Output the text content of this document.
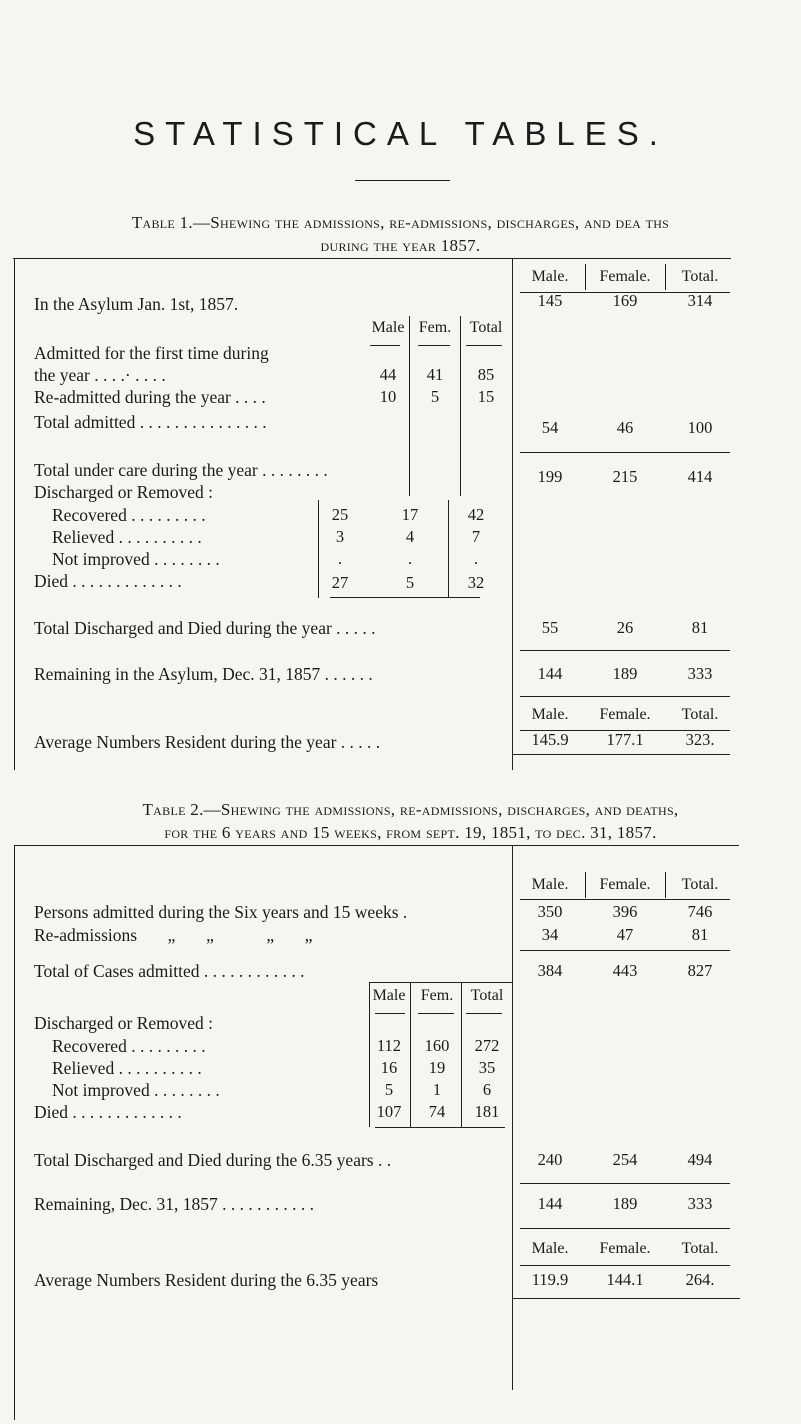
STATISTICAL TABLES.
Table 1.—Shewing the admissions, re-admissions, discharges, and dea ths
during the year 1857.
Male.	Female.	Total.
In the Asylum Jan. 1st, 1857.	145	169	314
Male Fem.	Total
Admitted for the first time during
the year . . . .· . . . .	44	41	85
Re-admitted during the year . . . .	10	5	15
Total admitted . . . . . . . . . . . . . . .	54	46	100
Total under care during the year . . . . . . . .	199	215	414
Discharged or Removed :
Recovered . . . . . . . . .	25	17	42
Relieved . . . . . . . . . .	3	4	7
Not improved . . . . . . . .	.	.	.
Died . . . . . . . . . . . . .	27	5	32
Total Discharged and Died during the year . . . . .	55	26	81
Remaining in the Asylum, Dec. 31, 1857 . . . . . .	144	189	333
Male.	Female.	Total.
Average Numbers Resident during the year . . . . .	145.9	177.1	323.
Table 2.—Shewing the admissions, re-admissions, discharges, and deaths,
for the 6 years and 15 weeks, from sept. 19, 1851, to dec. 31, 1857.
Male.	Female.	Total.
Persons admitted during the Six years and 15 weeks .	350	396	746
Re-admissions       „       „            „       „	34	47	81
Total of Cases admitted . . . . . . . . . . . .	384	443	827
Male Fem.	Total
Discharged or Removed :
Recovered . . . . . . . . .	112	160	272
Relieved . . . . . . . . . .	16	19	35
Not improved . . . . . . . .	5	1	6
Died . . . . . . . . . . . . .	107	74	181
Total Discharged and Died during the 6.35 years . .	240	254	494
Remaining, Dec. 31, 1857 . . . . . . . . . . .	144	189	333
Male.	Female.	Total.
Average Numbers Resident during the 6.35 years	119.9	144.1	264.
